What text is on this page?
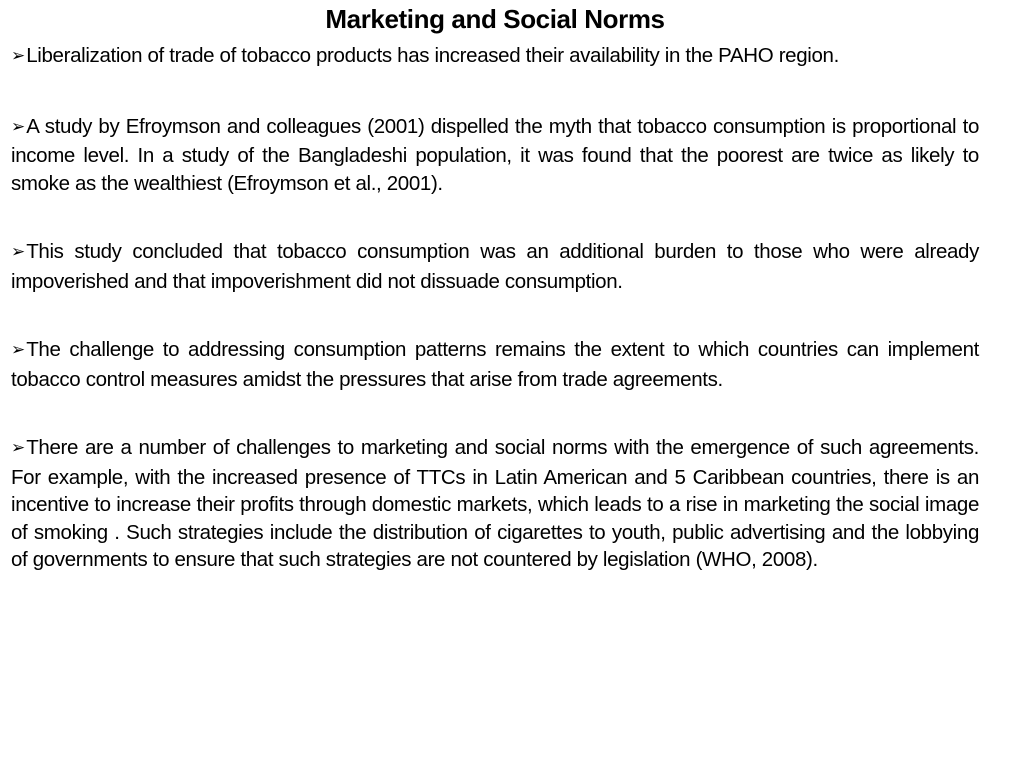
Marketing and Social Norms
➢Liberalization of trade of tobacco products has increased their availability in the PAHO region.
➢A study by Efroymson and colleagues (2001) dispelled the myth that tobacco consumption is proportional to income level. In a study of the Bangladeshi population, it was found that the poorest are twice as likely to smoke as the wealthiest (Efroymson et al., 2001).
➢This study concluded that tobacco consumption was an additional burden to those who were already impoverished and that impoverishment did not dissuade consumption.
➢The challenge to addressing consumption patterns remains the extent to which countries can implement tobacco control measures amidst the pressures that arise from trade agreements.
➢There are a number of challenges to marketing and social norms with the emergence of such agreements. For example, with the increased presence of TTCs in Latin American and 5 Caribbean countries, there is an incentive to increase their profits through domestic markets, which leads to a rise in marketing the social image of smoking . Such strategies include the distribution of cigarettes to youth, public advertising and the lobbying of governments to ensure that such strategies are not countered by legislation (WHO, 2008).
